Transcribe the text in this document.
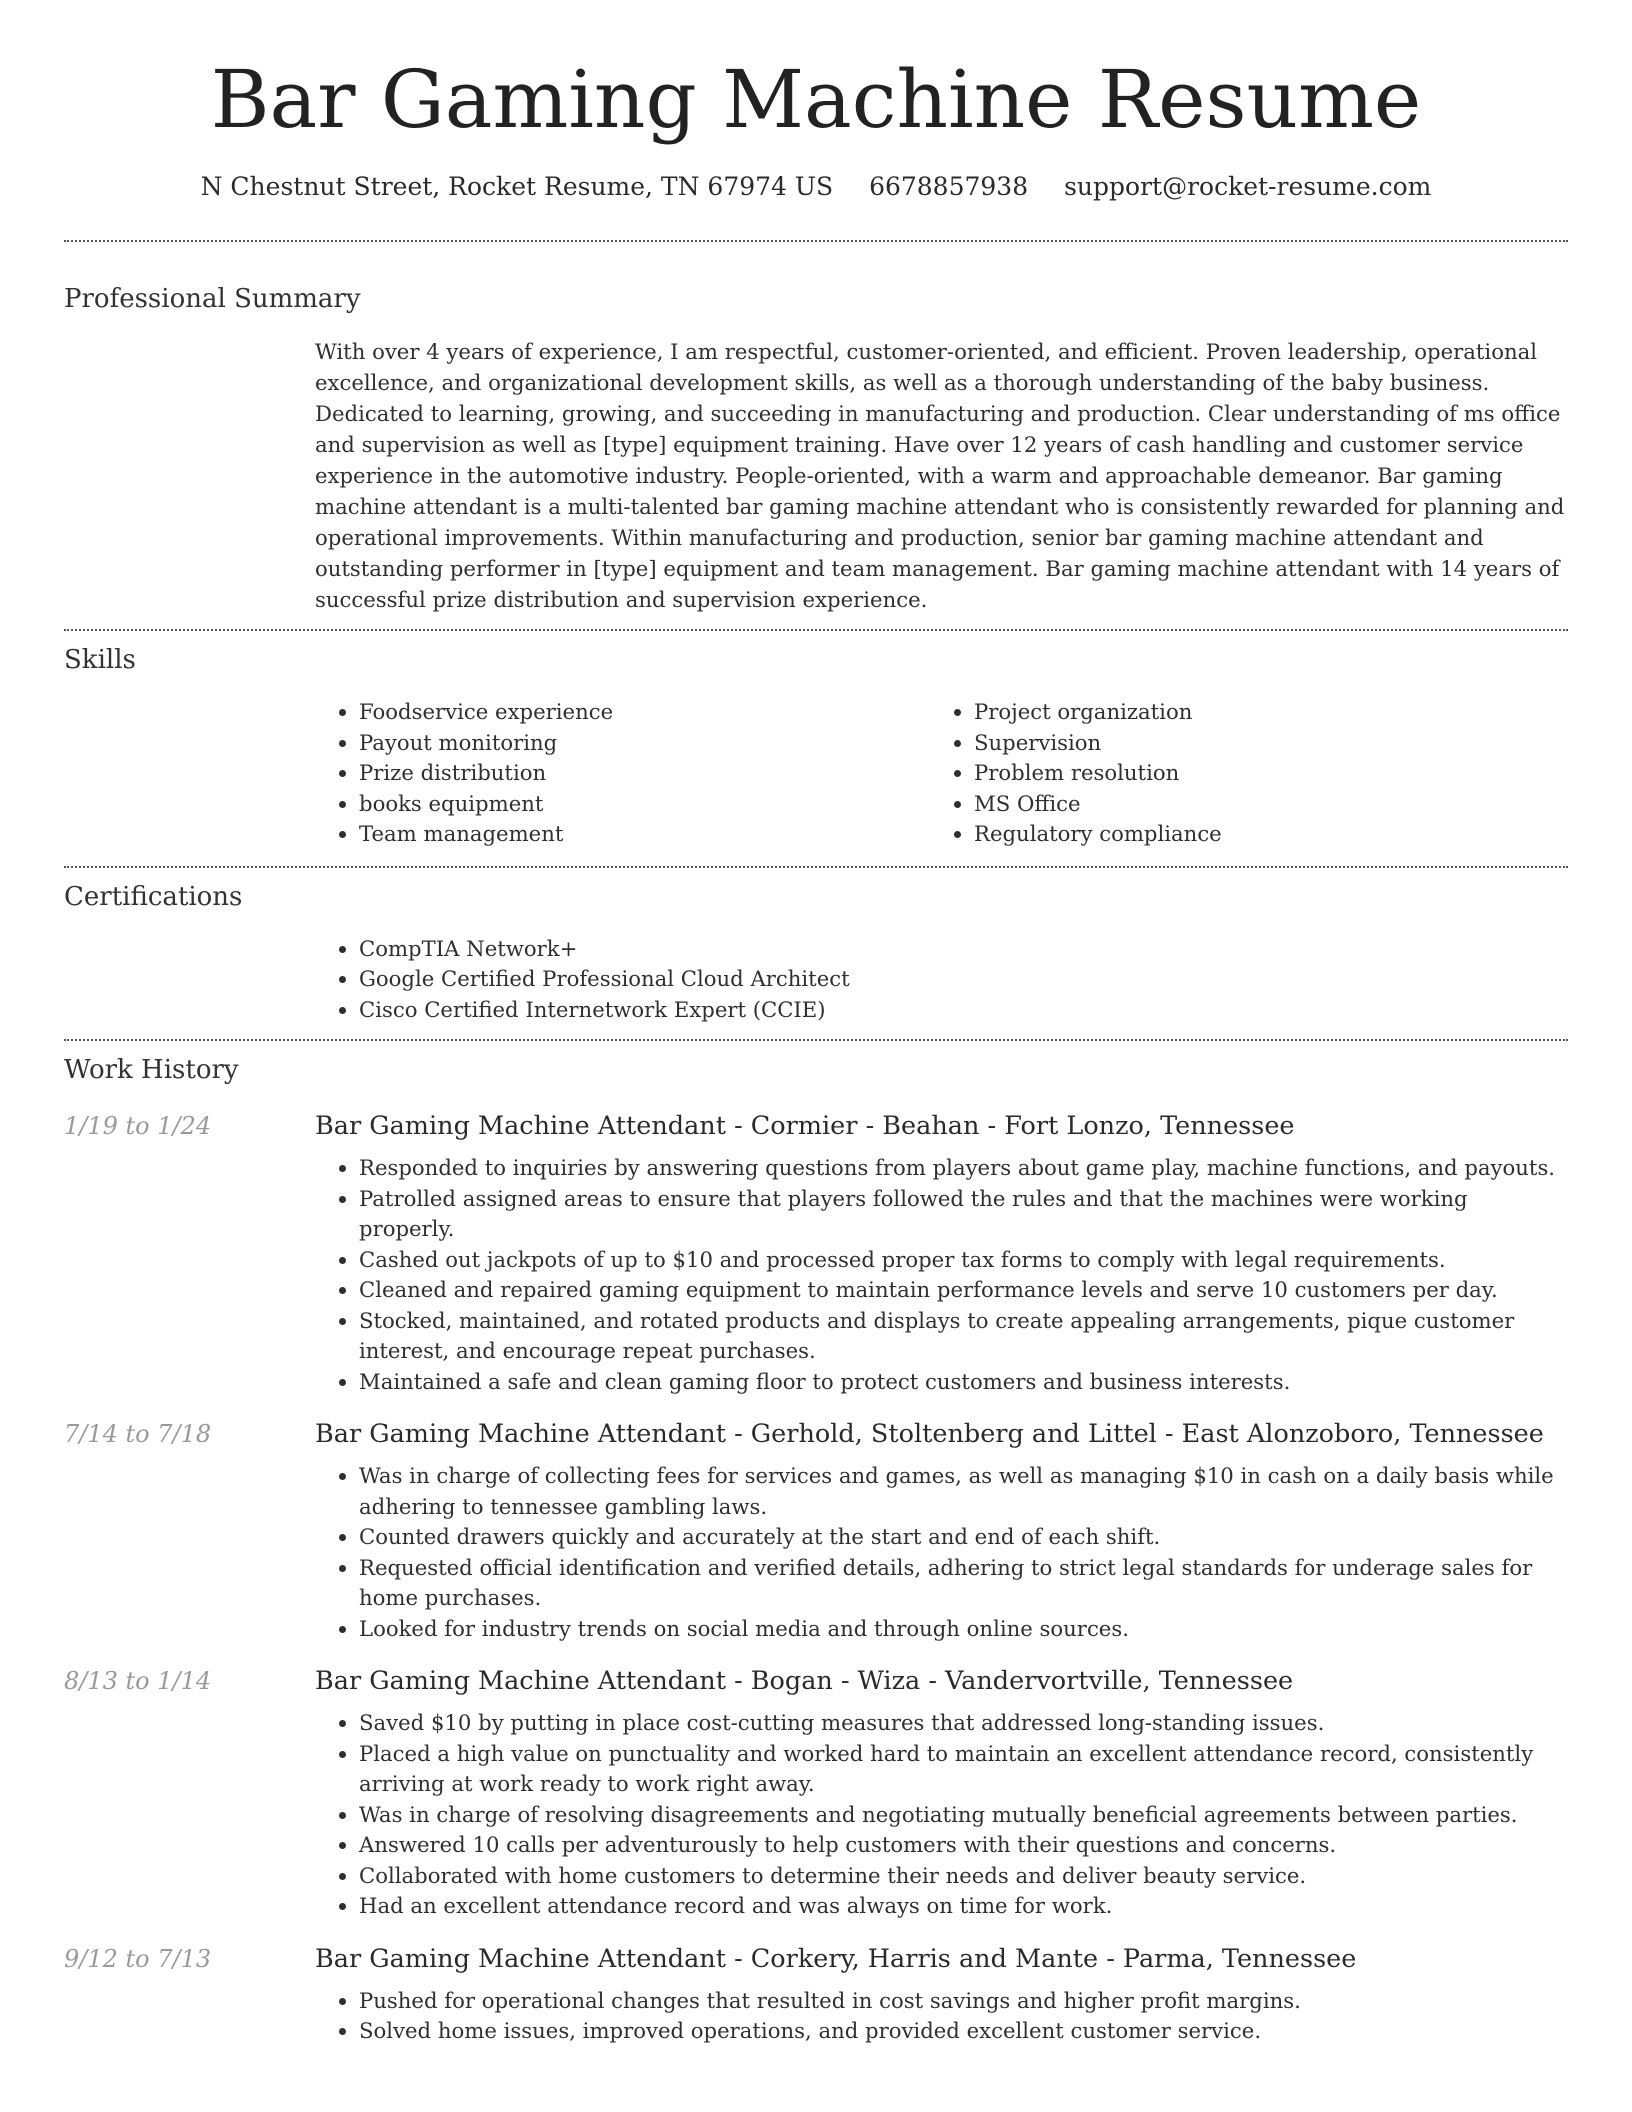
Bar Gaming Machine Resume
N Chestnut Street, Rocket Resume, TN 67974 US 6678857938 support@rocket-resume.com
Professional Summary
With over 4 years of experience, I am respectful, customer-oriented, and efficient. Proven leadership, operational excellence, and organizational development skills, as well as a thorough understanding of the baby business. Dedicated to learning, growing, and succeeding in manufacturing and production. Clear understanding of ms office and supervision as well as [type] equipment training. Have over 12 years of cash handling and customer service experience in the automotive industry. People-oriented, with a warm and approachable demeanor. Bar gaming machine attendant is a multi-talented bar gaming machine attendant who is consistently rewarded for planning and operational improvements. Within manufacturing and production, senior bar gaming machine attendant and outstanding performer in [type] equipment and team management. Bar gaming machine attendant with 14 years of successful prize distribution and supervision experience.
Skills
• Foodservice experience
• Payout monitoring
• Prize distribution
• books equipment
• Team management
• Project organization
• Supervision
• Problem resolution
• MS Office
• Regulatory compliance
Certifications
• CompTIA Network+
• Google Certified Professional Cloud Architect
• Cisco Certified Internetwork Expert (CCIE)
Work History
1/19 to 1/24	Bar Gaming Machine Attendant - Cormier - Beahan - Fort Lonzo, Tennessee
• Responded to inquiries by answering questions from players about game play, machine functions, and payouts.
• Patrolled assigned areas to ensure that players followed the rules and that the machines were working properly.
• Cashed out jackpots of up to $10 and processed proper tax forms to comply with legal requirements.
• Cleaned and repaired gaming equipment to maintain performance levels and serve 10 customers per day.
• Stocked, maintained, and rotated products and displays to create appealing arrangements, pique customer interest, and encourage repeat purchases.
• Maintained a safe and clean gaming floor to protect customers and business interests.
7/14 to 7/18	Bar Gaming Machine Attendant - Gerhold, Stoltenberg and Littel - East Alonzoboro, Tennessee
• Was in charge of collecting fees for services and games, as well as managing $10 in cash on a daily basis while adhering to tennessee gambling laws.
• Counted drawers quickly and accurately at the start and end of each shift.
• Requested official identification and verified details, adhering to strict legal standards for underage sales for home purchases.
• Looked for industry trends on social media and through online sources.
8/13 to 1/14	Bar Gaming Machine Attendant - Bogan - Wiza - Vandervortville, Tennessee
• Saved $10 by putting in place cost-cutting measures that addressed long-standing issues.
• Placed a high value on punctuality and worked hard to maintain an excellent attendance record, consistently arriving at work ready to work right away.
• Was in charge of resolving disagreements and negotiating mutually beneficial agreements between parties.
• Answered 10 calls per adventurously to help customers with their questions and concerns.
• Collaborated with home customers to determine their needs and deliver beauty service.
• Had an excellent attendance record and was always on time for work.
9/12 to 7/13	Bar Gaming Machine Attendant - Corkery, Harris and Mante - Parma, Tennessee
• Pushed for operational changes that resulted in cost savings and higher profit margins.
• Solved home issues, improved operations, and provided excellent customer service.
